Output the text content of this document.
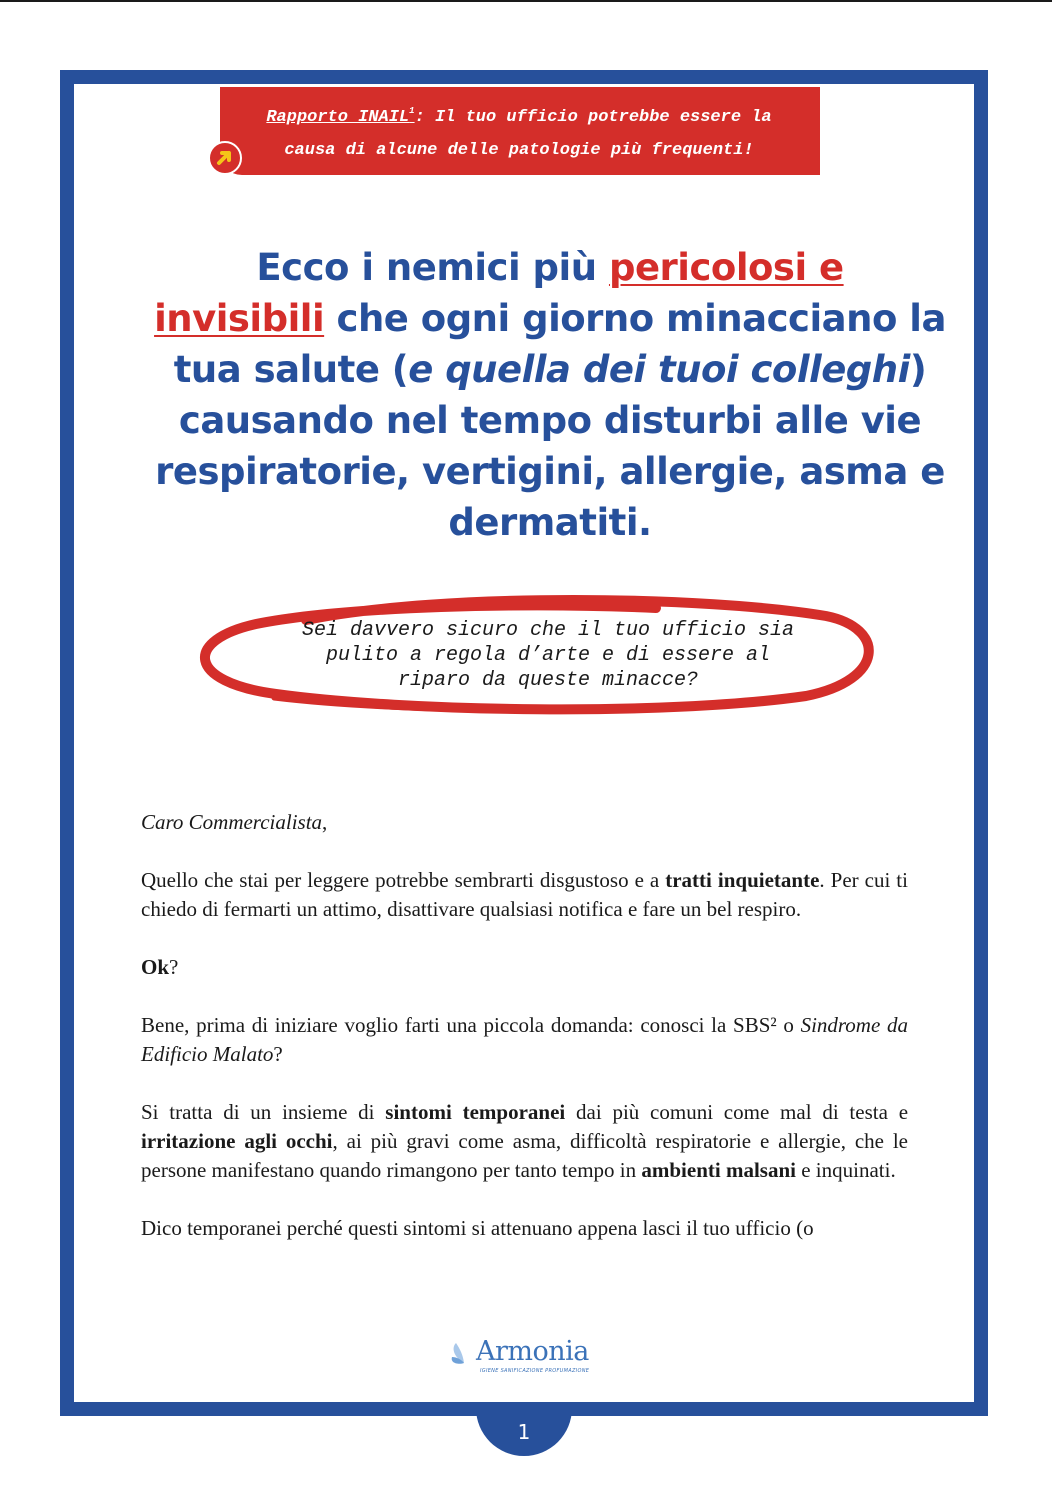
Rapporto INAIL$^1$: Il tuo ufficio potrebbe essere la
causa di alcune delle patologie più frequenti!
Ecco i nemici più pericolosi e
invisibili che ogni giorno minacciano la tua salute (e quella dei tuoi colleghi) causando nel tempo disturbi alle vie respiratorie, vertigini, allergie, asma e dermatiti.
Sei davvero sicuro che il tuo ufficio sia
pulito a regola d’arte e di essere al
riparo da queste minacce?

Caro Commercialista,

Quello che stai per leggere potrebbe sembrarti disgustoso e a tratti inquietante. Per cui ti chiedo di fermarti un attimo, disattivare qualsiasi notifica e fare un bel respiro.

Ok?

Bene, prima di iniziare voglio farti una piccola domanda: conosci la SBS² o Sindrome da Edificio Malato?

Si tratta di un insieme di sintomi temporanei dai più comuni come mal di testa e irritazione agli occhi, ai più gravi come asma, difficoltà respiratorie e allergie, che le persone manifestano quando rimangono per tanto tempo in ambienti malsani e inquinati.

Dico temporanei perché questi sintomi si attenuano appena lasci il tuo ufficio (o

Armonia
IGIENE SANIFICAZIONE PROFUMAZIONE
1
